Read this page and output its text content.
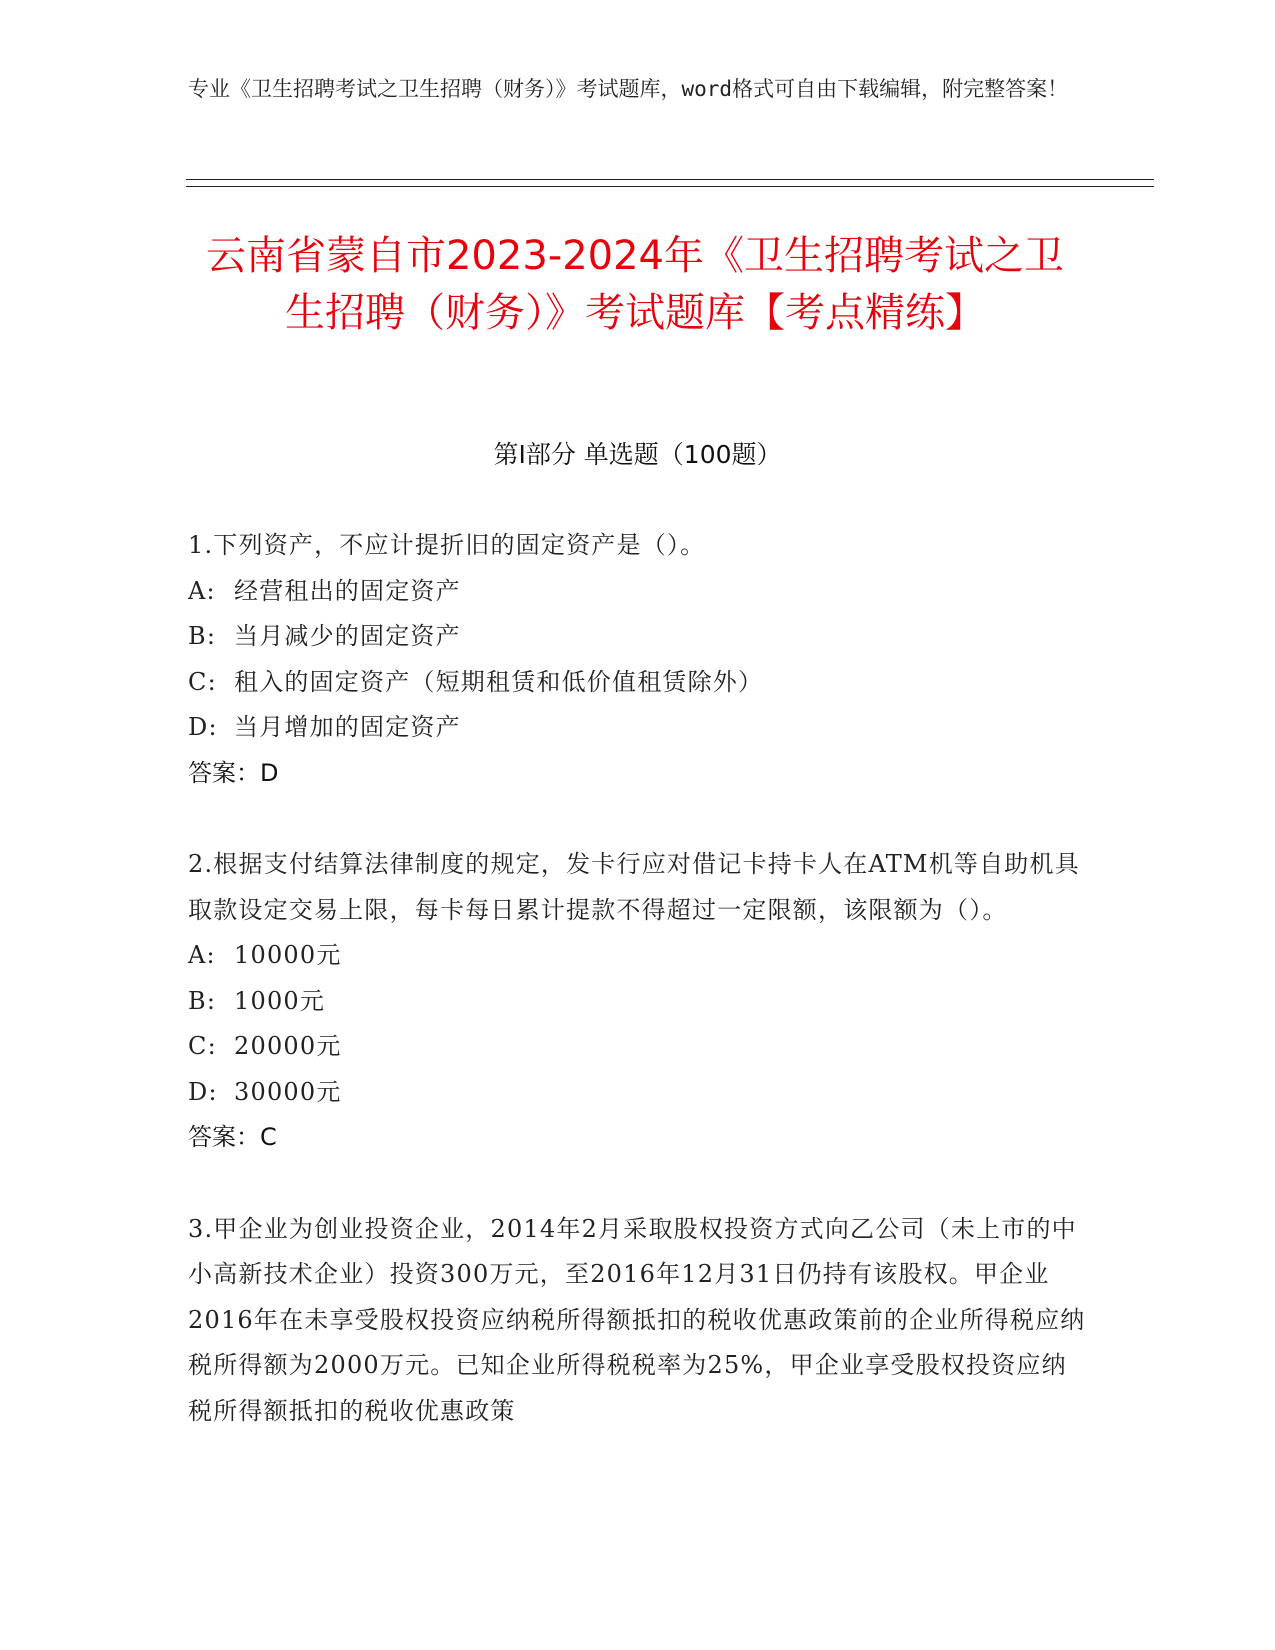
专业《卫生招聘考试之卫生招聘（财务）》考试题库，word格式可自由下载编辑，附完整答案！
云南省蒙自市2023-2024年《卫生招聘考试之卫生招聘（财务）》考试题库【考点精练】
第I部分 单选题（100题）
1.下列资产，不应计提折旧的固定资产是（）。
A: 经营租出的固定资产
B: 当月减少的固定资产
C: 租入的固定资产（短期租赁和低价值租赁除外）
D: 当月增加的固定资产
答案：D
2.根据支付结算法律制度的规定，发卡行应对借记卡持卡人在ATM机等自助机具取款设定交易上限，每卡每日累计提款不得超过一定限额，该限额为（）。
A: 10000元
B: 1000元
C: 20000元
D: 30000元
答案：C
3.甲企业为创业投资企业，2014年2月采取股权投资方式向乙公司（未上市的中小高新技术企业）投资300万元，至2016年12月31日仍持有该股权。甲企业2016年在未享受股权投资应纳税所得额抵扣的税收优惠政策前的企业所得税应纳税所得额为2000万元。已知企业所得税税率为25%，甲企业享受股权投资应纳税所得额抵扣的税收优惠政策
